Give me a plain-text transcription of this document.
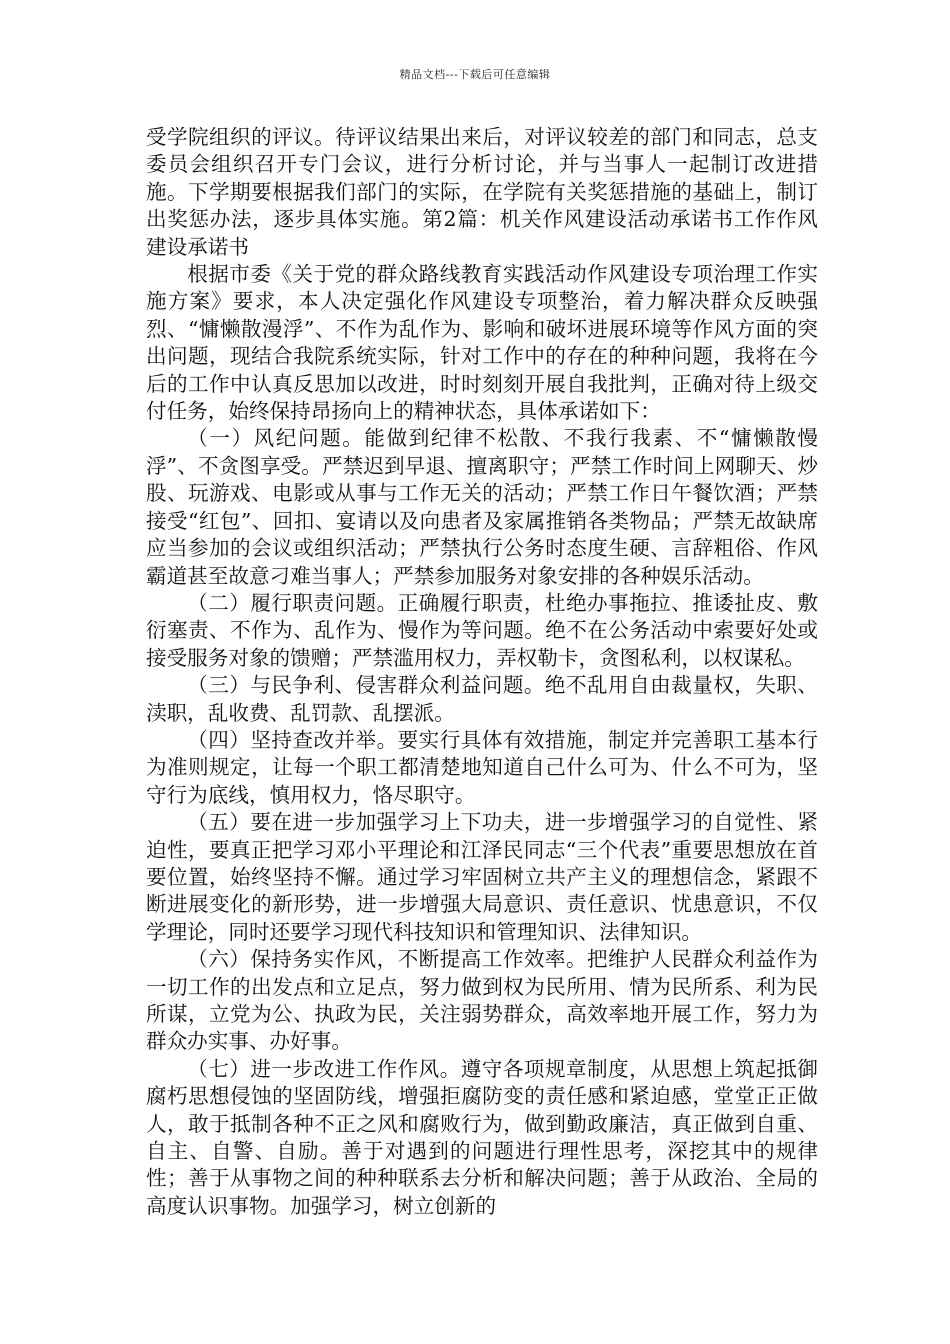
精品文档---下载后可任意编辑

受学院组织的评议。待评议结果出来后，对评议较差的部门和同志，总支委员会组织召开专门会议，进行分析讨论，并与当事人一起制订改进措施。下学期要根据我们部门的实际，在学院有关奖惩措施的基础上，制订出奖惩办法，逐步具体实施。第2篇：机关作风建设活动承诺书工作作风建设承诺书

根据市委《关于党的群众路线教育实践活动作风建设专项治理工作实施方案》要求，本人决定强化作风建设专项整治，着力解决群众反映强烈、“慵懒散漫浮”、不作为乱作为、影响和破坏进展环境等作风方面的突出问题，现结合我院系统实际，针对工作中的存在的种种问题，我将在今后的工作中认真反思加以改进，时时刻刻开展自我批判，正确对待上级交付任务，始终保持昂扬向上的精神状态，具体承诺如下：

（一）风纪问题。能做到纪律不松散、不我行我素、不“慵懒散慢浮”、不贪图享受。严禁迟到早退、擅离职守；严禁工作时间上网聊天、炒股、玩游戏、电影或从事与工作无关的活动；严禁工作日午餐饮酒；严禁接受“红包”、回扣、宴请以及向患者及家属推销各类物品；严禁无故缺席应当参加的会议或组织活动；严禁执行公务时态度生硬、言辞粗俗、作风霸道甚至故意刁难当事人；严禁参加服务对象安排的各种娱乐活动。

（二）履行职责问题。正确履行职责，杜绝办事拖拉、推诿扯皮、敷衍塞责、不作为、乱作为、慢作为等问题。绝不在公务活动中索要好处或接受服务对象的馈赠；严禁滥用权力，弄权勒卡，贪图私利，以权谋私。

（三）与民争利、侵害群众利益问题。绝不乱用自由裁量权，失职、渎职，乱收费、乱罚款、乱摆派。

（四）坚持查改并举。要实行具体有效措施，制定并完善职工基本行为准则规定，让每一个职工都清楚地知道自己什么可为、什么不可为，坚守行为底线，慎用权力，恪尽职守。

（五）要在进一步加强学习上下功夫，进一步增强学习的自觉性、紧迫性，要真正把学习邓小平理论和江泽民同志“三个代表”重要思想放在首要位置，始终坚持不懈。通过学习牢固树立共产主义的理想信念，紧跟不断进展变化的新形势，进一步增强大局意识、责任意识、忧患意识，不仅学理论，同时还要学习现代科技知识和管理知识、法律知识。

（六）保持务实作风，不断提高工作效率。把维护人民群众利益作为一切工作的出发点和立足点，努力做到权为民所用、情为民所系、利为民所谋，立党为公、执政为民，关注弱势群众，高效率地开展工作，努力为群众办实事、办好事。

（七）进一步改进工作作风。遵守各项规章制度，从思想上筑起抵御腐朽思想侵蚀的坚固防线，增强拒腐防变的责任感和紧迫感，堂堂正正做人，敢于抵制各种不正之风和腐败行为，做到勤政廉洁，真正做到自重、自主、自警、自励。善于对遇到的问题进行理性思考，深挖其中的规律性；善于从事物之间的种种联系去分析和解决问题；善于从政治、全局的高度认识事物。加强学习，树立创新的
